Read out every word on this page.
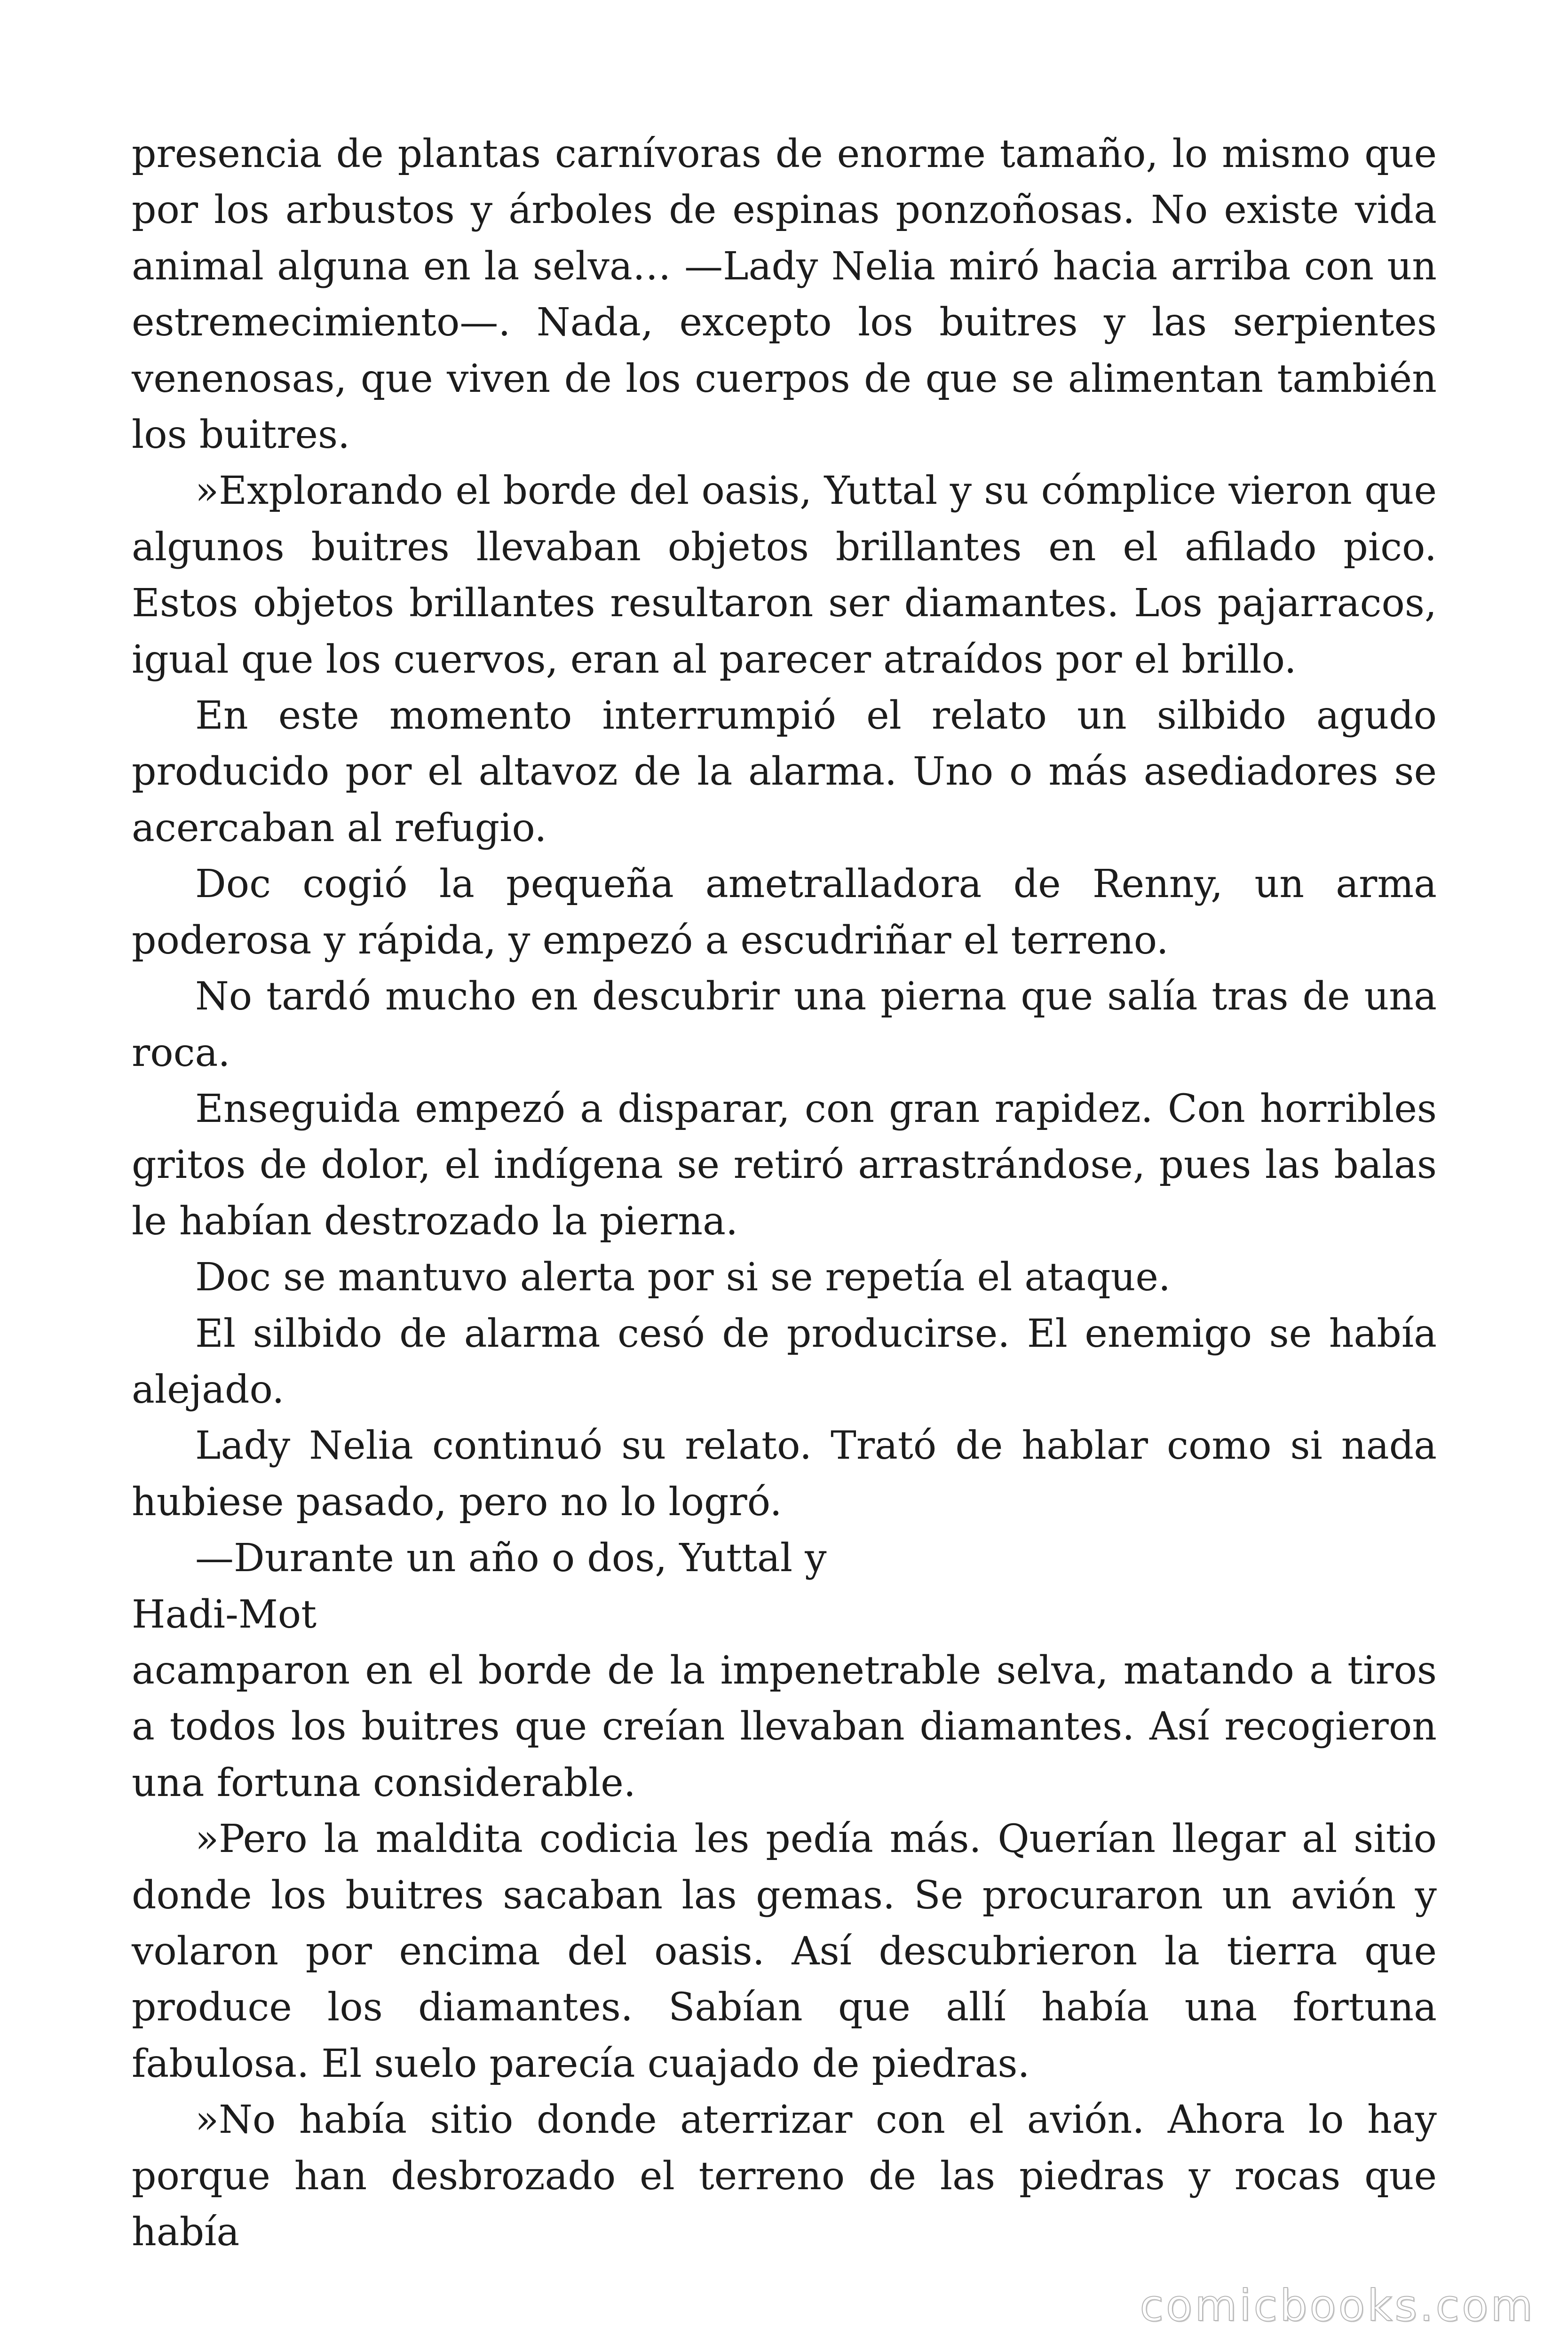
presencia de plantas carnívoras de enorme tamaño, lo mismo que por los arbustos y árboles de espinas ponzoñosas. No existe vida animal alguna en la selva… —Lady Nelia miró hacia arriba con un estremecimiento—. Nada, excepto los buitres y las serpientes venenosas, que viven de los cuerpos de que se alimentan también los buitres.

»Explorando el borde del oasis, Yuttal y su cómplice vieron que algunos buitres llevaban objetos brillantes en el afilado pico. Estos objetos brillantes resultaron ser diamantes. Los pajarracos, igual que los cuervos, eran al parecer atraídos por el brillo.

En este momento interrumpió el relato un silbido agudo producido por el altavoz de la alarma. Uno o más asediadores se acercaban al refugio.

Doc cogió la pequeña ametralladora de Renny, un arma poderosa y rápida, y empezó a escudriñar el terreno.

No tardó mucho en descubrir una pierna que salía tras de una roca.

Enseguida empezó a disparar, con gran rapidez. Con horribles gritos de dolor, el indígena se retiró arrastrándose, pues las balas le habían destrozado la pierna.

Doc se mantuvo alerta por si se repetía el ataque.

El silbido de alarma cesó de producirse. El enemigo se había alejado.

Lady Nelia continuó su relato. Trató de hablar como si nada hubiese pasado, pero no lo logró.

—Durante un año o dos, Yuttal y

Hadi-Mot

acamparon en el borde de la impenetrable selva, matando a tiros a todos los buitres que creían llevaban diamantes. Así recogieron una fortuna considerable.

»Pero la maldita codicia les pedía más. Querían llegar al sitio donde los buitres sacaban las gemas. Se procuraron un avión y volaron por encima del oasis. Así descubrieron la tierra que produce los diamantes. Sabían que allí había una fortuna fabulosa. El suelo parecía cuajado de piedras.

»No había sitio donde aterrizar con el avión. Ahora lo hay porque han desbrozado el terreno de las piedras y rocas que había

comicbooks.com
